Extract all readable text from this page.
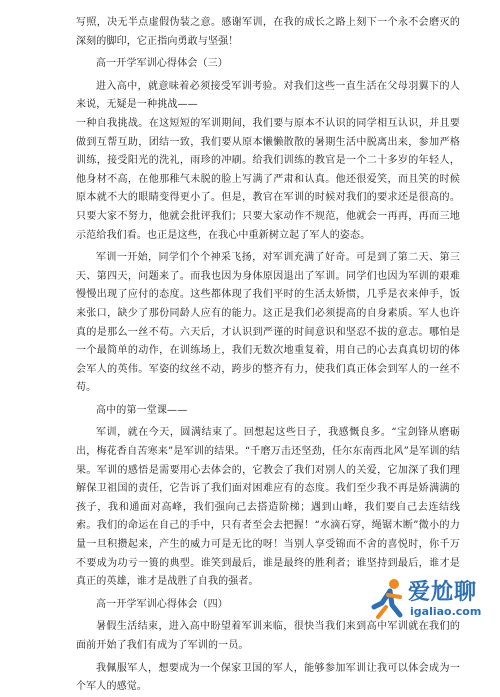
写照，决无半点虚假伪装之意。感谢军训，在我的成长之路上刻下一个永不会磨灭的深刻的脚印，它正指向勇敢与坚强！

高一开学军训心得体会（三）

进入高中，就意味着必须接受军训考验。对我们这些一直生活在父母羽翼下的人来说，无疑是一种挑战——

一种自我挑战。在这短短的军训期间，我们要与原本不认识的同学相互认识，并且要做到互帮互助，团结一致，我们要从原本懒懒散散的暑期生活中脱离出来，参加严格训练，接受阳光的洗礼，雨珍的冲刷。给我们训练的教官是一个二十多岁的年轻人，他身材不高，在他那稚气未脱的脸上写满了严肃和认真。他还很爱笑，而且笑的时候原本就不大的眼睛变得更小了。但是，教官在军训的时候对我们的要求还是很高的。只要大家不努力，他就会批评我们；只要大家动作不规范，他就会一再再，再而三地示范给我们看。也正是这些，在我心中重新树立起了军人的姿态。

军训一开始，同学们个个神采飞扬，对军训充满了好奇。可是到了第二天、第三天、第四天，问题来了。而我也因为身体原因退出了军训。同学们也因为军训的艰难慢慢出现了应付的态度。这些都体现了我们平时的生活太娇惯，几乎是衣来伸手，饭来张口，缺少了那份同龄人应有的能力。这正是我们必须提高的自身素质。军人也许真的是那么一丝不苟。六天后，才认识到严谨的时间意识和坚忍不拔的意志。哪怕是一个最简单的动作，在训练场上，我们无数次地重复着，用自己的心去真真切切的体会军人的英伟。军姿的纹丝不动，跨步的整齐有力，使我们真正体会到军人的一丝不苟。

高中的第一堂课——

军训，就在今天，圆满结束了。回想起这些日子，我感慨良多。“宝剑锋从磨砺出，梅花香自苦寒来”是军训的结果。“千磨万击还坚劲，任尔东南西北风”是军训的结果。军训的感悟是需要用心去体会的，它教会了我们对别人的关爱，它加深了我们理解保卫祖国的责任，它告诉了我们面对困难应有的态度。我们至少我不再是娇满满的孩子，我和通面对高峰，我们强向己去搭造阶梯；遇到山峰，我们要自己去连结线索。我们的命运在自己的手中，只有者至会去把握！“水滴石穿，绳锯木断”微小的力量一旦积攒起来，产生的威力可是无比的呀！当别人享受锦而不舍的喜悦时，你千万不要成为功亏一篑的典型。谁笑到最后，谁是最终的胜利者；谁坚持到最后，谁才是真正的英雄，谁才是战胜了自我的强者。

高一开学军训心得体会（四）

暑假生活结束，进入高中盼望着军训来临，很快当我们来到高中军训就在我们的面前开始了我们有成为了军训的一员。

我佩服军人，想要成为一个保家卫国的军人，能够参加军训让我可以体会成为一个军人的感觉。

爱尬聊
igaliao.com
